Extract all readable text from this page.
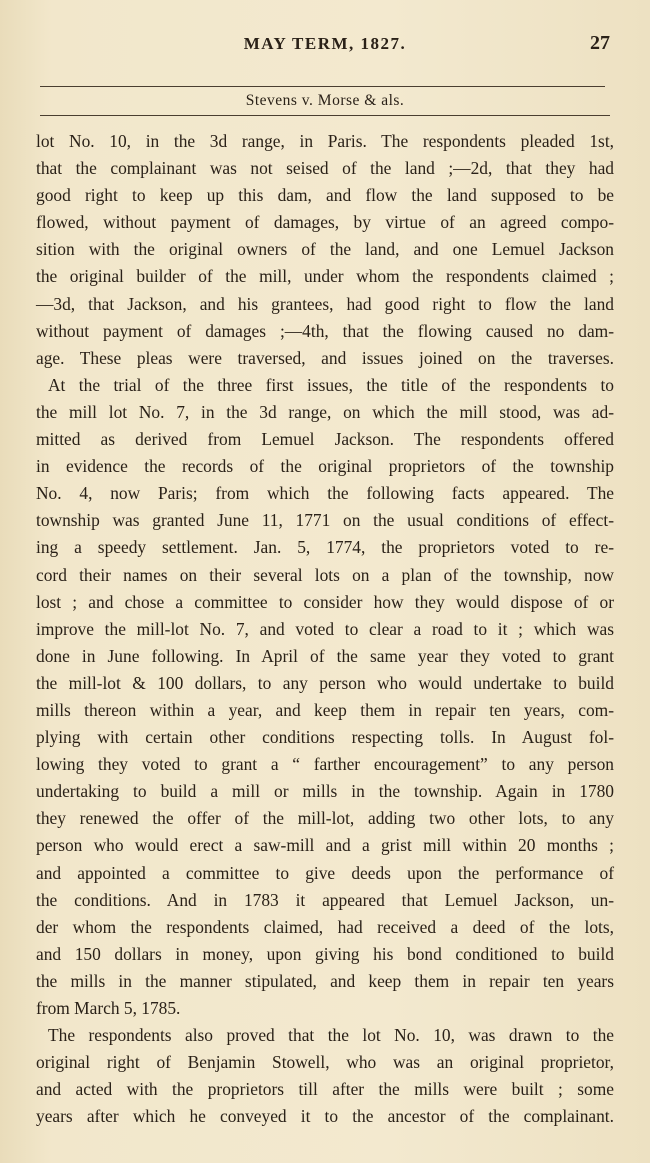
MAY TERM, 1827.	27
Stevens v. Morse & als.
lot No. 10, in the 3d range, in Paris. The respondents pleaded 1st,
that the complainant was not seised of the land ;—2d, that they had
good right to keep up this dam, and flow the land supposed to be
flowed, without payment of damages, by virtue of an agreed compo-
sition with the original owners of the land, and one Lemuel Jackson
the original builder of the mill, under whom the respondents claimed ;
—3d, that Jackson, and his grantees, had good right to flow the land
without payment of damages ;—4th, that the flowing caused no dam-
age. These pleas were traversed, and issues joined on the traverses.
At the trial of the three first issues, the title of the respondents to
the mill lot No. 7, in the 3d range, on which the mill stood, was ad-
mitted as derived from Lemuel Jackson. The respondents offered
in evidence the records of the original proprietors of the township
No. 4, now Paris; from which the following facts appeared. The
township was granted June 11, 1771 on the usual conditions of effect-
ing a speedy settlement. Jan. 5, 1774, the proprietors voted to re-
cord their names on their several lots on a plan of the township, now
lost ; and chose a committee to consider how they would dispose of or
improve the mill-lot No. 7, and voted to clear a road to it ; which was
done in June following. In April of the same year they voted to grant
the mill-lot & 100 dollars, to any person who would undertake to build
mills thereon within a year, and keep them in repair ten years, com-
plying with certain other conditions respecting tolls. In August fol-
lowing they voted to grant a “ farther encouragement” to any person
undertaking to build a mill or mills in the township. Again in 1780
they renewed the offer of the mill-lot, adding two other lots, to any
person who would erect a saw-mill and a grist mill within 20 months ;
and appointed a committee to give deeds upon the performance of
the conditions. And in 1783 it appeared that Lemuel Jackson, un-
der whom the respondents claimed, had received a deed of the lots,
and 150 dollars in money, upon giving his bond conditioned to build
the mills in the manner stipulated, and keep them in repair ten years
from March 5, 1785.
The respondents also proved that the lot No. 10, was drawn to the
original right of Benjamin Stowell, who was an original proprietor,
and acted with the proprietors till after the mills were built ; some
years after which he conveyed it to the ancestor of the complainant.
